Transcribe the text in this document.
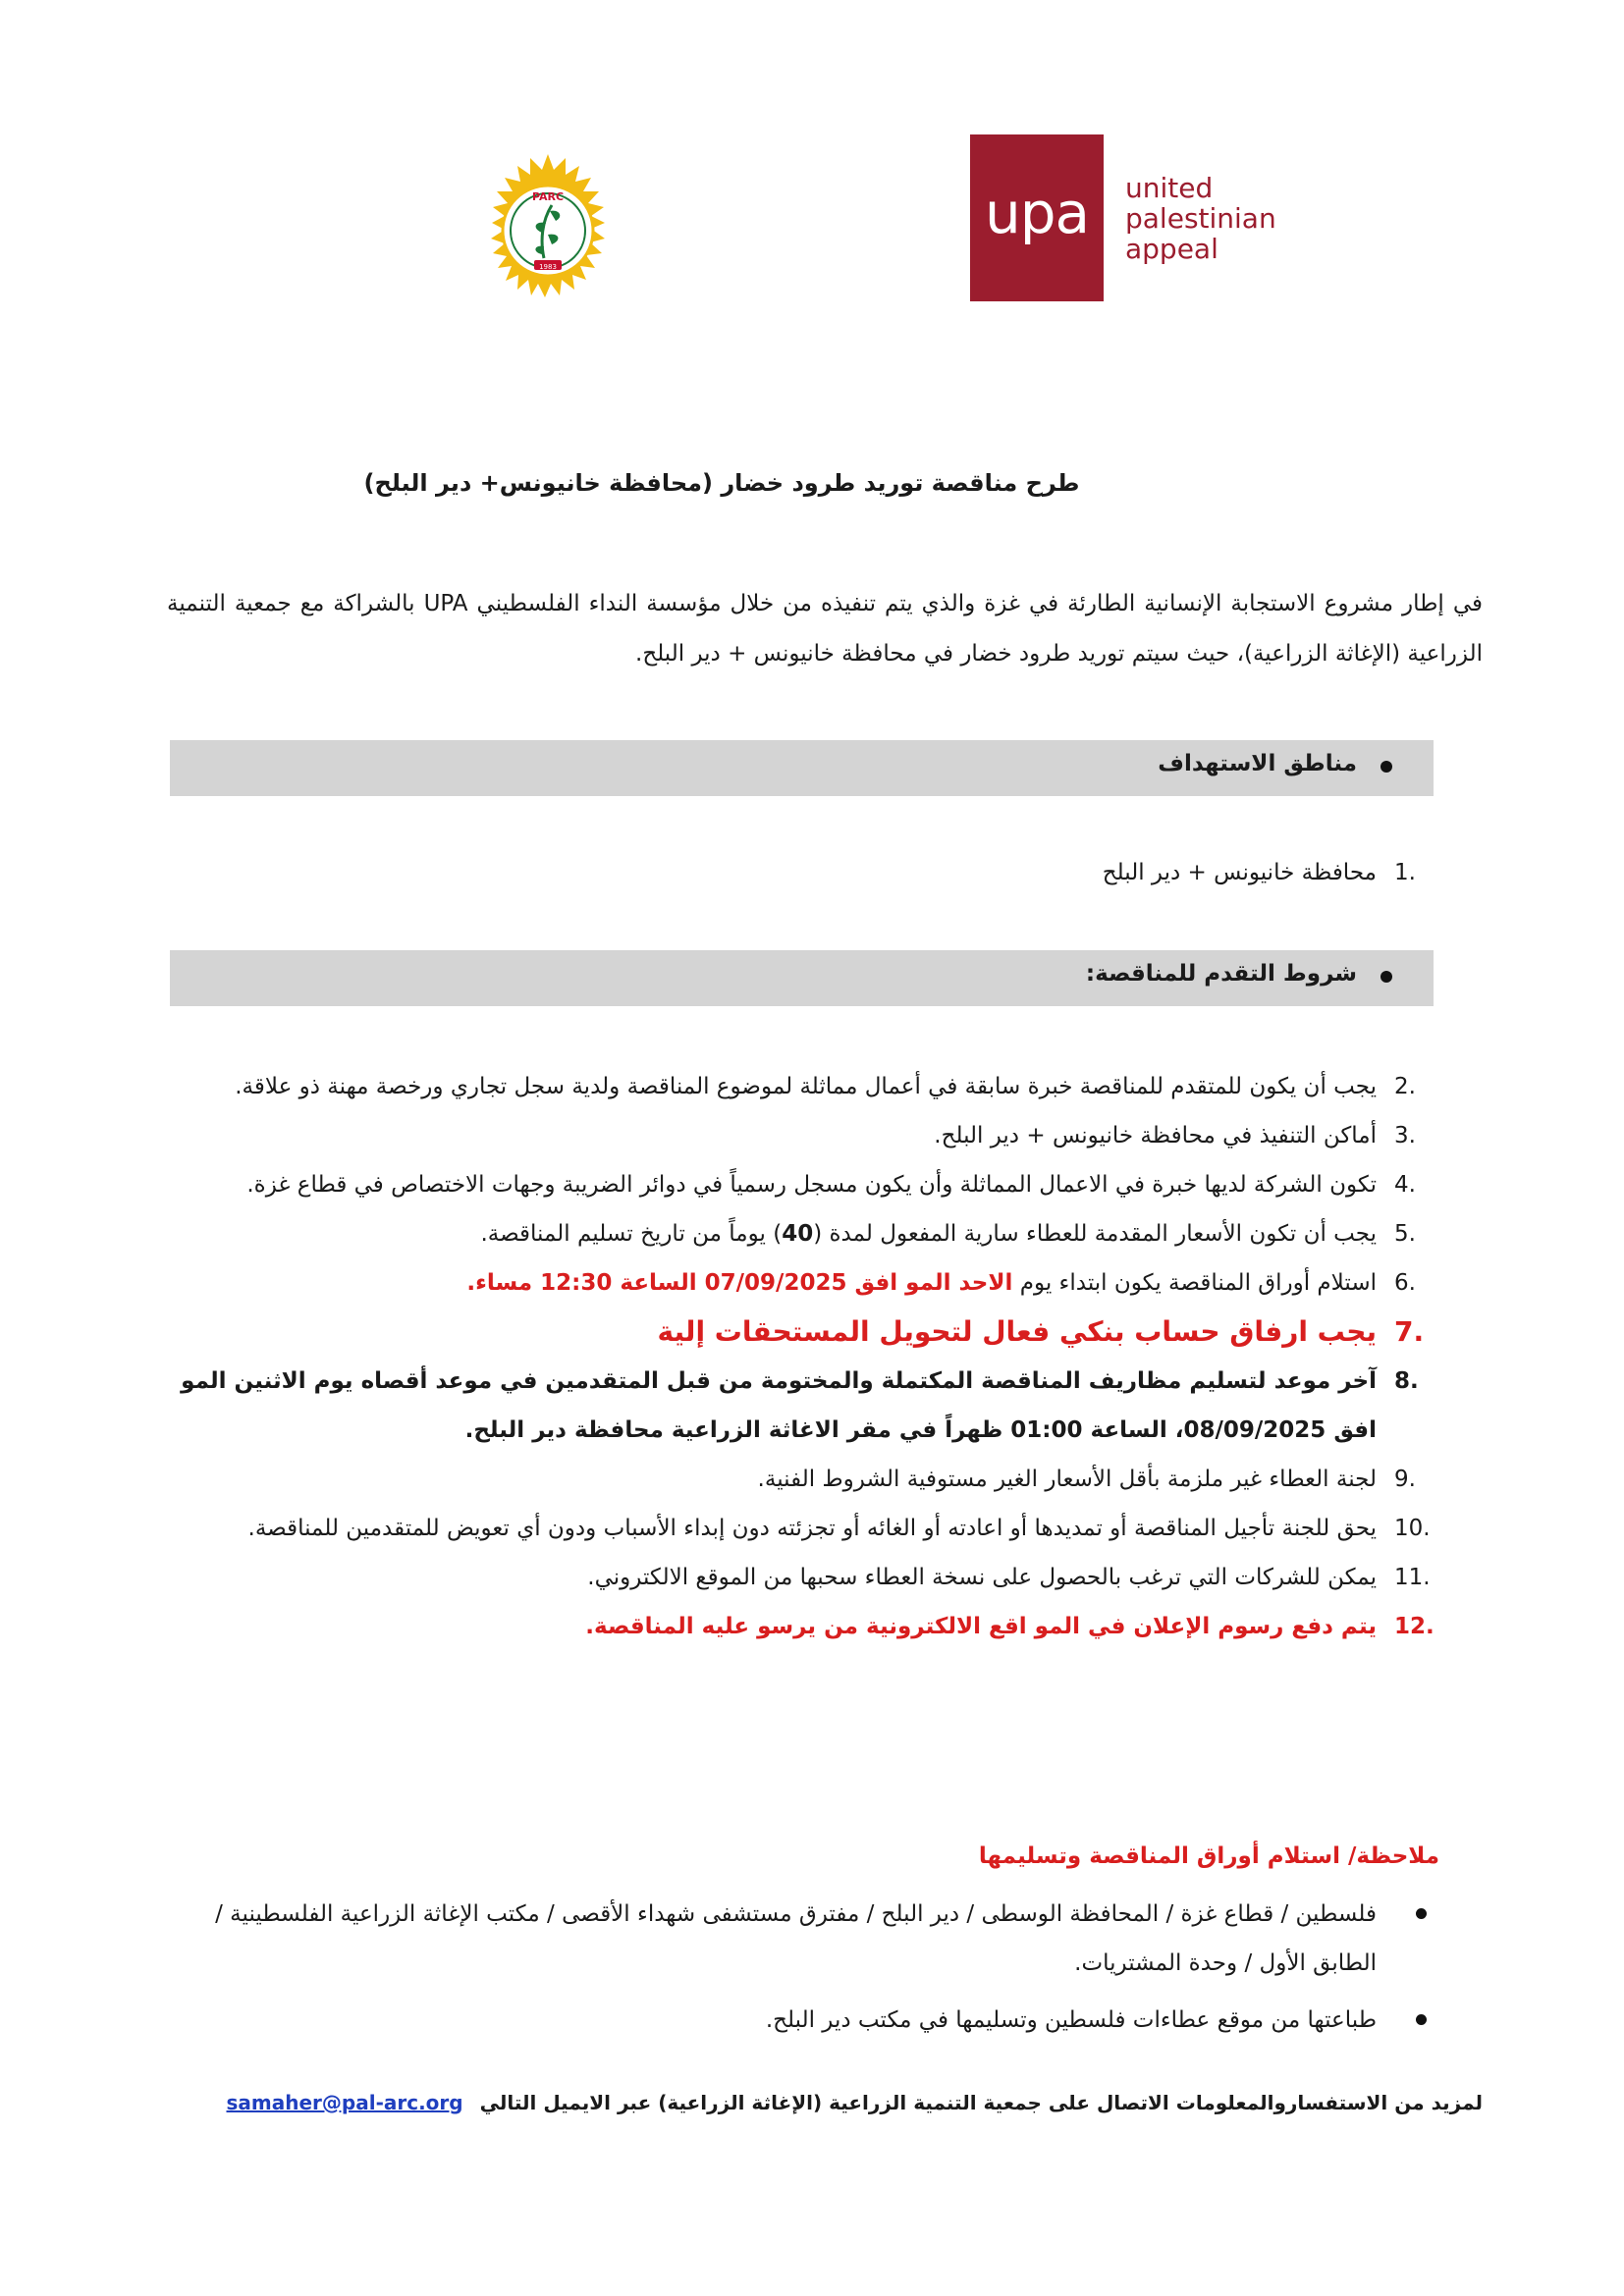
upa	united
palestinian
appeal
PARC
1983
طرح مناقصة توريد طرود خضار (محافظة خانيونس+ دير البلح)
في إطار مشروع الاستجابة الإنسانية الطارئة في غزة والذي يتم تنفيذه من خلال مؤسسة النداء الفلسطيني UPA بالشراكة مع جمعية التنمية الزراعية (الإغاثة الزراعية)، حيث سيتم توريد طرود خضار في محافظة خانيونس + دير البلح.
مناطق الاستهداف
1.
محافظة خانيونس + دير البلح
شروط التقدم للمناقصة:
2.
يجب أن يكون للمتقدم للمناقصة خبرة سابقة في أعمال مماثلة لموضوع المناقصة ولدية سجل تجاري ورخصة مهنة ذو علاقة.
3.
أماكن التنفيذ في محافظة خانيونس + دير البلح.
4.
تكون الشركة لديها خبرة في الاعمال المماثلة وأن يكون مسجل رسمياً في دوائر الضريبة وجهات الاختصاص في قطاع غزة.
5.
يجب أن تكون الأسعار المقدمة للعطاء سارية المفعول لمدة (40) يوماً من تاريخ تسليم المناقصة.
6.
استلام أوراق المناقصة يكون ابتداء يوم الاحد المو افق 07/09/2025 الساعة 12:30 مساء.
7.
يجب ارفاق حساب بنكي فعال لتحويل المستحقات إلية
8.
آخر موعد لتسليم مظاريف المناقصة المكتملة والمختومة من قبل المتقدمين في موعد أقصاه يوم الاثنين المو افق 08/09/2025، الساعة 01:00 ظهراً في مقر الاغاثة الزراعية محافظة دير البلح.
9.
لجنة العطاء غير ملزمة بأقل الأسعار الغير مستوفية الشروط الفنية.
10.
يحق للجنة تأجيل المناقصة أو تمديدها أو اعادته أو الغائه أو تجزئته دون إبداء الأسباب ودون أي تعويض للمتقدمين للمناقصة.
11.
يمكن للشركات التي ترغب بالحصول على نسخة العطاء سحبها من الموقع الالكتروني.
12.
يتم دفع رسوم الإعلان في المو اقع الالكترونية من يرسو عليه المناقصة.
ملاحظة/ استلام أوراق المناقصة وتسليمها
فلسطين / قطاع غزة / المحافظة الوسطى / دير البلح / مفترق مستشفى شهداء الأقصى / مكتب الإغاثة الزراعية الفلسطينية / الطابق الأول / وحدة المشتريات.
طباعتها من موقع عطاءات فلسطين وتسليمها في مكتب دير البلح.
لمزيد من الاستفساروالمعلومات الاتصال على جمعية التنمية الزراعية (الإغاثة الزراعية) عبر الايميل التالي samaher@pal-arc.org
